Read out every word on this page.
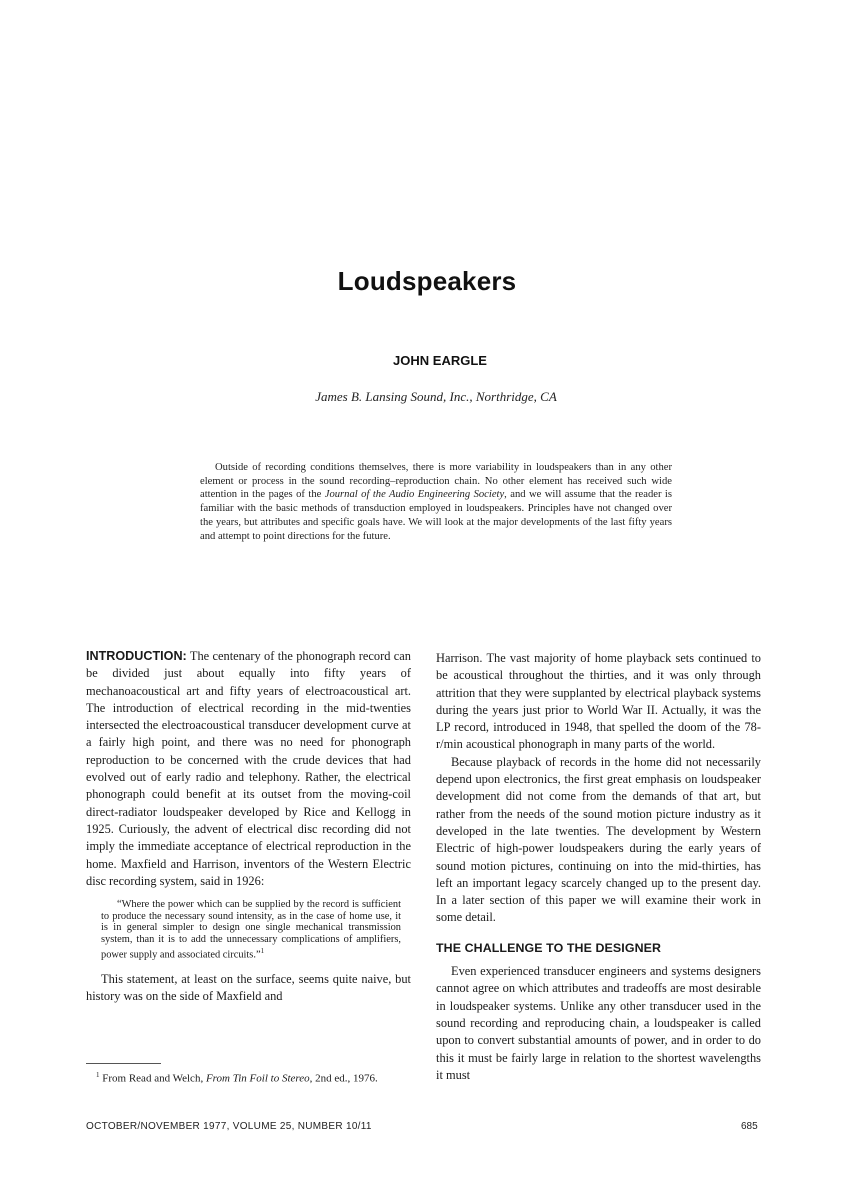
Loudspeakers
JOHN EARGLE
James B. Lansing Sound, Inc., Northridge, CA
Outside of recording conditions themselves, there is more variability in loudspeakers than in any other element or process in the sound recording–reproduction chain. No other element has received such wide attention in the pages of the Journal of the Audio Engineering Society, and we will assume that the reader is familiar with the basic methods of transduction employed in loudspeakers. Principles have not changed over the years, but attributes and specific goals have. We will look at the major developments of the last fifty years and attempt to point directions for the future.

INTRODUCTION: The centenary of the phonograph record can be divided just about equally into fifty years of mechanoacoustical art and fifty years of electroacoustical art. The introduction of electrical recording in the mid-twenties intersected the electroacoustical transducer development curve at a fairly high point, and there was no need for phonograph reproduction to be concerned with the crude devices that had evolved out of early radio and telephony. Rather, the electrical phonograph could benefit at its outset from the moving-coil direct-radiator loudspeaker developed by Rice and Kellogg in 1925. Curiously, the advent of electrical disc recording did not imply the immediate acceptance of electrical reproduction in the home. Maxfield and Harrison, inventors of the Western Electric disc recording system, said in 1926:

“Where the power which can be supplied by the record is sufficient to produce the necessary sound intensity, as in the case of home use, it is in general simpler to design one single mechanical transmission system, than it is to add the unnecessary complications of amplifiers, power supply and associated circuits.”$^1$

This statement, at least on the surface, seems quite naive, but history was on the side of Maxfield and

$^1$ From Read and Welch, From Tin Foil to Stereo, 2nd ed., 1976.

Harrison. The vast majority of home playback sets continued to be acoustical throughout the thirties, and it was only through attrition that they were supplanted by electrical playback systems during the years just prior to World War II. Actually, it was the LP record, introduced in 1948, that spelled the doom of the 78-r/min acoustical phonograph in many parts of the world.

Because playback of records in the home did not necessarily depend upon electronics, the first great emphasis on loudspeaker development did not come from the demands of that art, but rather from the needs of the sound motion picture industry as it developed in the late twenties. The development by Western Electric of high-power loudspeakers during the early years of sound motion pictures, continuing on into the mid-thirties, has left an important legacy scarcely changed up to the present day. In a later section of this paper we will examine their work in some detail.

THE CHALLENGE TO THE DESIGNER

Even experienced transducer engineers and systems designers cannot agree on which attributes and tradeoffs are most desirable in loudspeaker systems. Unlike any other transducer used in the sound recording and reproducing chain, a loudspeaker is called upon to convert substantial amounts of power, and in order to do this it must be fairly large in relation to the shortest wavelengths it must

OCTOBER/NOVEMBER 1977, VOLUME 25, NUMBER 10/11	685
